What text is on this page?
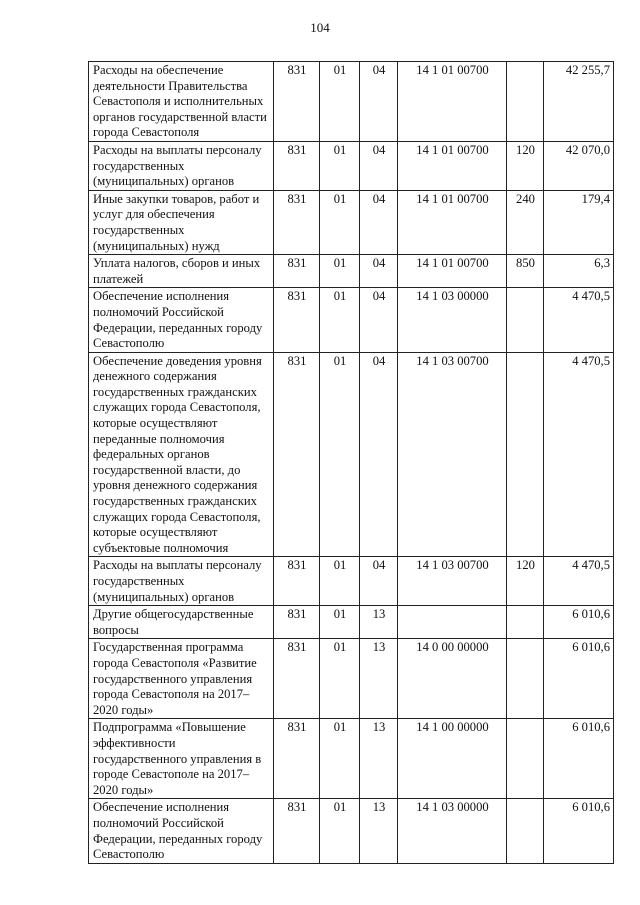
104
Расходы на обеспечение деятельности Правительства Севастополя и исполнительных органов государственной власти города Севастополя	831	01	04	14 1 01 00700		42 255,7
Расходы на выплаты персоналу государственных (муниципальных) органов	831	01	04	14 1 01 00700	120	42 070,0
Иные закупки товаров, работ и услуг для обеспечения государственных (муниципальных) нужд	831	01	04	14 1 01 00700	240	179,4
Уплата налогов, сборов и иных платежей	831	01	04	14 1 01 00700	850	6,3
Обеспечение исполнения полномочий Российской Федерации, переданных городу Севастополю	831	01	04	14 1 03 00000		4 470,5
Обеспечение доведения уровня денежного содержания государственных гражданских служащих города Севастополя, которые осуществляют переданные полномочия федеральных органов государственной власти, до уровня денежного содержания государственных гражданских служащих города Севастополя, которые осуществляют субъектовые полномочия	831	01	04	14 1 03 00700		4 470,5
Расходы на выплаты персоналу государственных (муниципальных) органов	831	01	04	14 1 03 00700	120	4 470,5
Другие общегосударственные вопросы	831	01	13			6 010,6
Государственная программа города Севастополя «Развитие государственного управления города Севастополя на 2017–2020 годы»	831	01	13	14 0 00 00000		6 010,6
Подпрограмма «Повышение эффективности государственного управления в городе Севастополе на 2017–2020 годы»	831	01	13	14 1 00 00000		6 010,6
Обеспечение исполнения полномочий Российской Федерации, переданных городу Севастополю	831	01	13	14 1 03 00000		6 010,6
